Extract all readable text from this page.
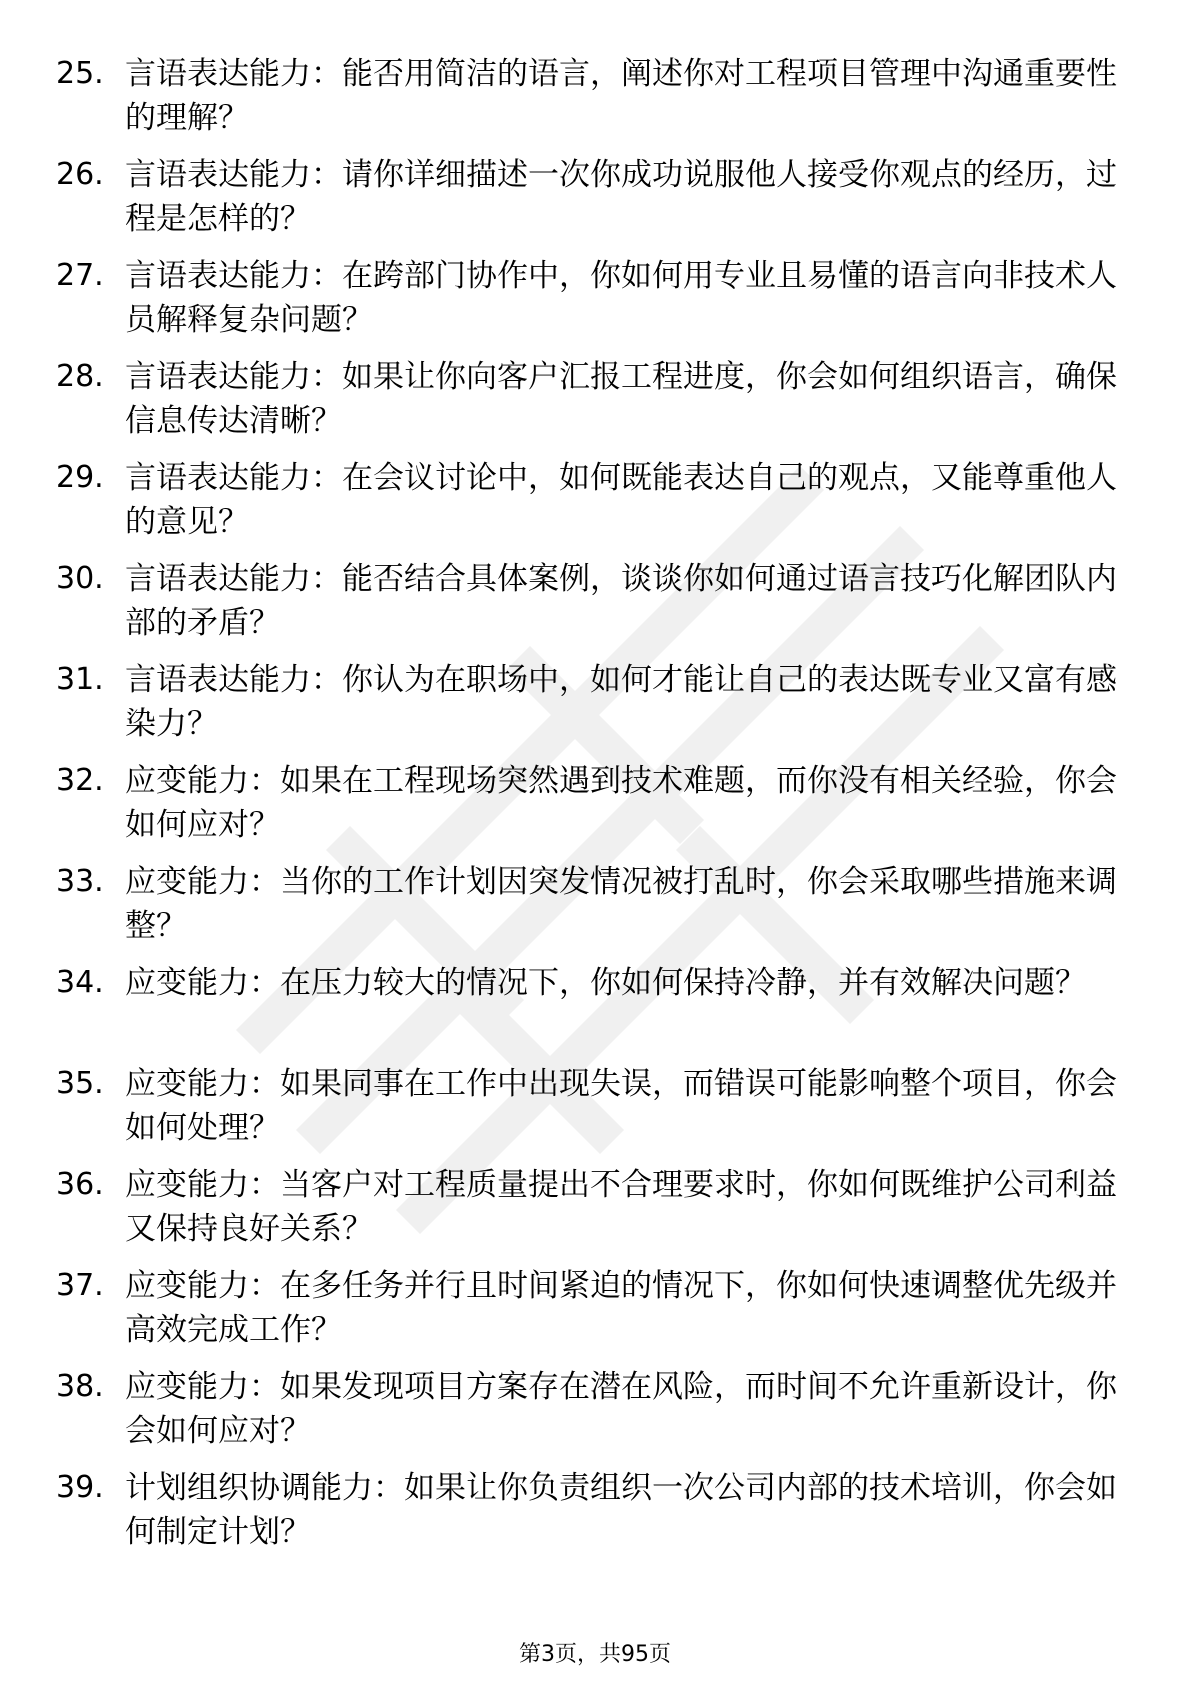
25. 言语表达能力：能否用简洁的语言，阐述你对工程项目管理中沟通重要性的理解？
26. 言语表达能力：请你详细描述一次你成功说服他人接受你观点的经历，过程是怎样的？
27. 言语表达能力：在跨部门协作中，你如何用专业且易懂的语言向非技术人员解释复杂问题？
28. 言语表达能力：如果让你向客户汇报工程进度，你会如何组织语言，确保信息传达清晰？
29. 言语表达能力：在会议讨论中，如何既能表达自己的观点，又能尊重他人的意见？
30. 言语表达能力：能否结合具体案例，谈谈你如何通过语言技巧化解团队内部的矛盾？
31. 言语表达能力：你认为在职场中，如何才能让自己的表达既专业又富有感染力？
32. 应变能力：如果在工程现场突然遇到技术难题，而你没有相关经验，你会如何应对？
33. 应变能力：当你的工作计划因突发情况被打乱时，你会采取哪些措施来调整？
34. 应变能力：在压力较大的情况下，你如何保持冷静，并有效解决问题？
35. 应变能力：如果同事在工作中出现失误，而错误可能影响整个项目，你会如何处理？
36. 应变能力：当客户对工程质量提出不合理要求时，你如何既维护公司利益又保持良好关系？
37. 应变能力：在多任务并行且时间紧迫的情况下，你如何快速调整优先级并高效完成工作？
38. 应变能力：如果发现项目方案存在潜在风险，而时间不允许重新设计，你会如何应对？
39. 计划组织协调能力：如果让你负责组织一次公司内部的技术培训，你会如何制定计划？
第3页，共95页
